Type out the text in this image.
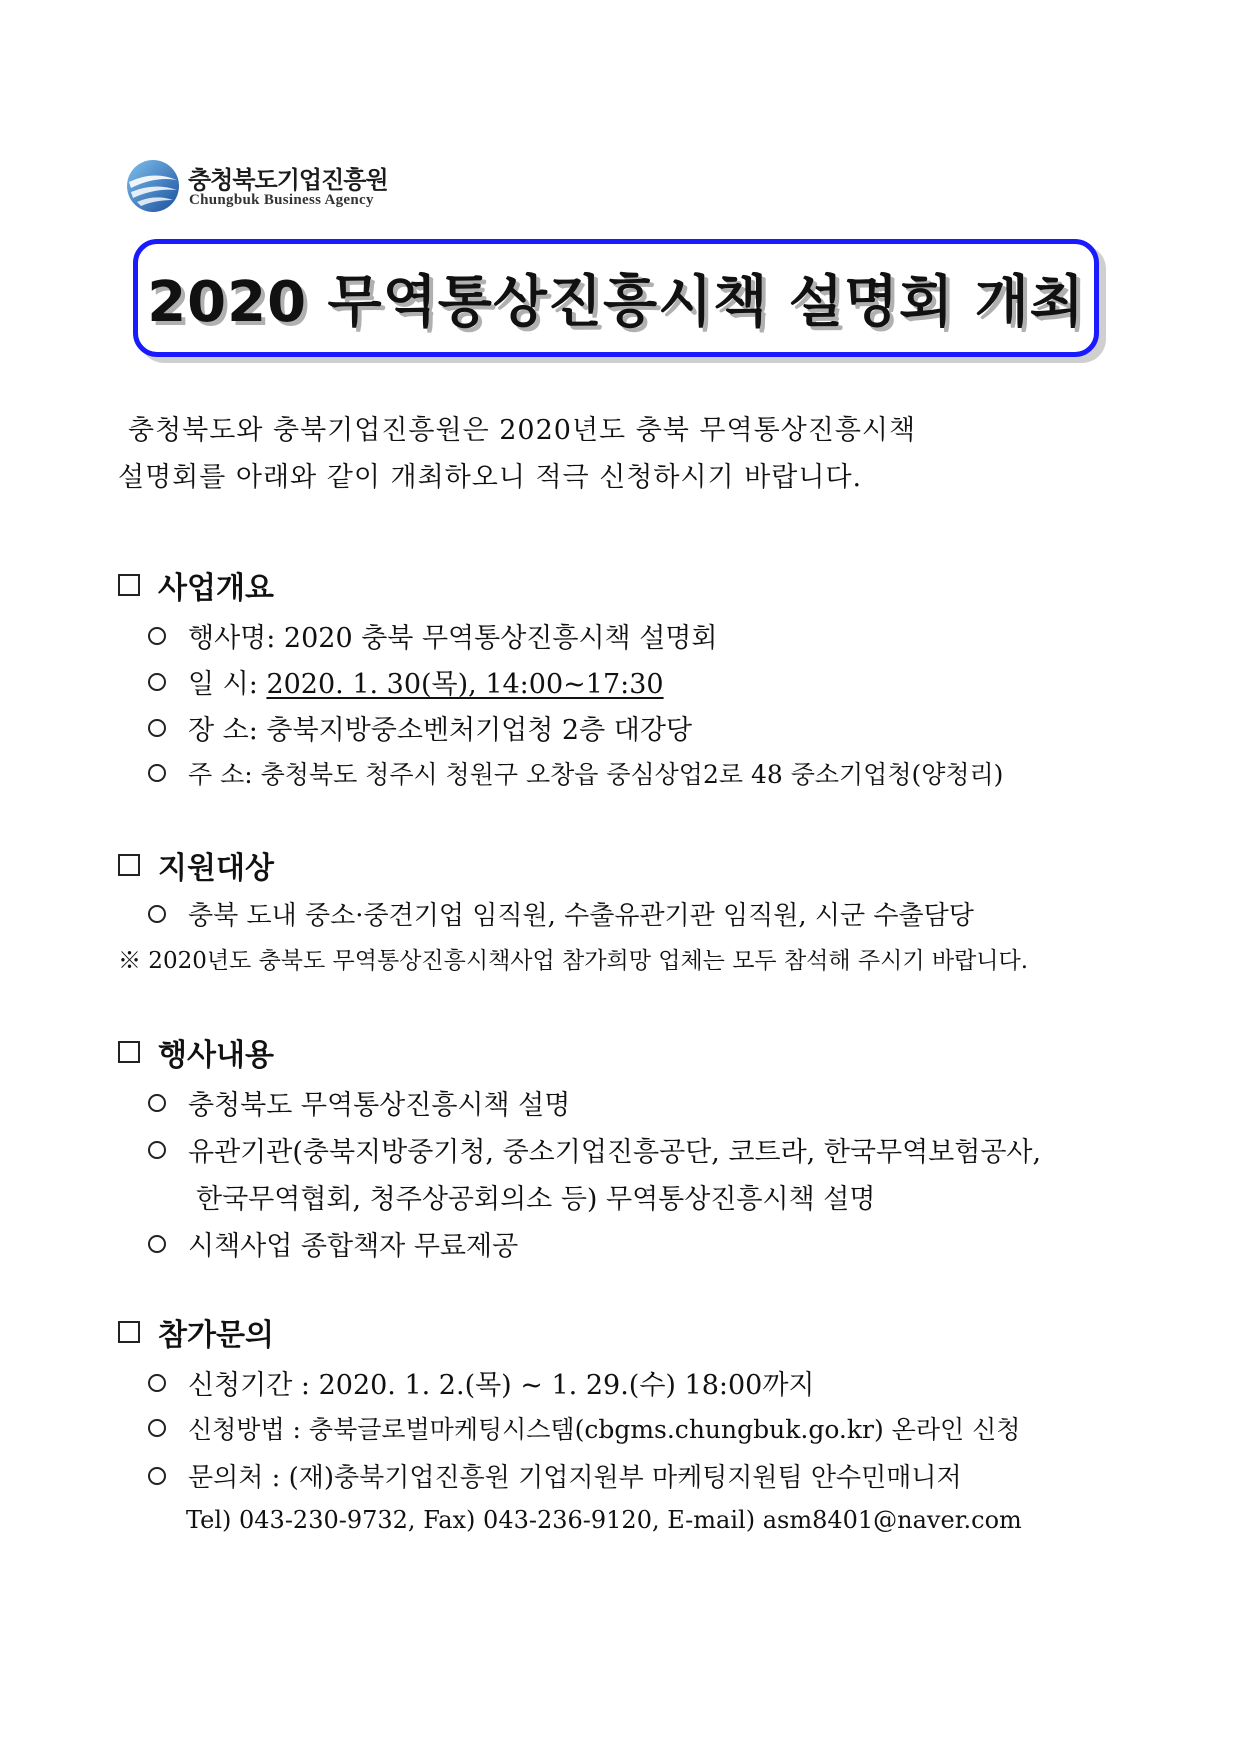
충청북도기업진흥원
Chungbuk Business Agency
2020 무역통상진흥시책 설명회 개최
충청북도와 충북기업진흥원은 2020년도 충북 무역통상진흥시책
설명회를 아래와 같이 개최하오니 적극 신청하시기 바랍니다.
사업개요
행사명: 2020 충북 무역통상진흥시책 설명회
일 시: 2020. 1. 30(목), 14:00~17:30
장 소: 충북지방중소벤처기업청 2층 대강당
주 소: 충청북도 청주시 청원구 오창읍 중심상업2로 48 중소기업청(양청리)
지원대상
충북 도내 중소·중견기업 임직원, 수출유관기관 임직원, 시군 수출담당
※ 2020년도 충북도 무역통상진흥시책사업 참가희망 업체는 모두 참석해 주시기 바랍니다.
행사내용
충청북도 무역통상진흥시책 설명
유관기관(충북지방중기청, 중소기업진흥공단, 코트라, 한국무역보험공사,
한국무역협회, 청주상공회의소 등) 무역통상진흥시책 설명
시책사업 종합책자 무료제공
참가문의
신청기간 : 2020. 1. 2.(목) ~ 1. 29.(수) 18:00까지
신청방법 : 충북글로벌마케팅시스템(cbgms.chungbuk.go.kr) 온라인 신청
문의처 : (재)충북기업진흥원 기업지원부 마케팅지원팀 안수민매니저
Tel) 043-230-9732, Fax) 043-236-9120, E-mail) asm8401@naver.com
